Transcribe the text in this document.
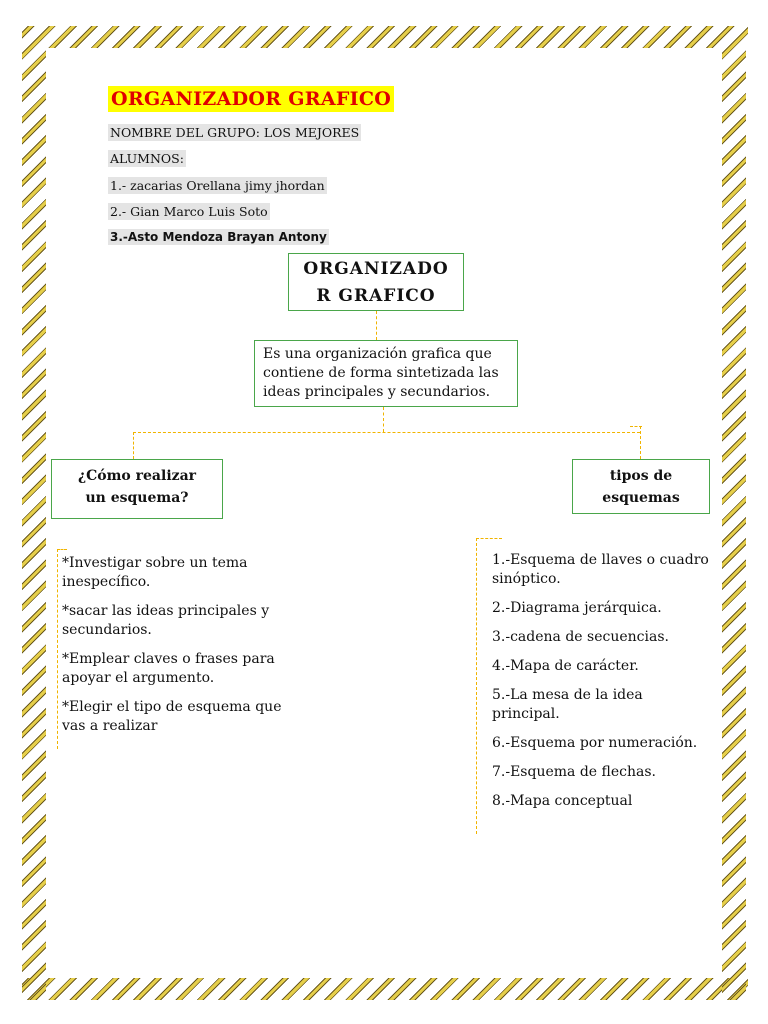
ORGANIZADOR GRAFICO
NOMBRE DEL GRUPO: LOS MEJORES
ALUMNOS:
1.- zacarias Orellana jimy jhordan
2.- Gian Marco Luis Soto
3.-Asto Mendoza Brayan Antony
ORGANIZADO
R GRAFICO
Es una organización grafica que contiene de forma sintetizada las ideas principales y secundarios.
¿Cómo realizar
un esquema?
tipos de
esquemas
*Investigar sobre un tema inespecífico.
*sacar las ideas principales y secundarios.
*Emplear claves o frases para apoyar el argumento.
*Elegir el tipo de esquema que vas a realizar
1.-Esquema de llaves o cuadro sinóptico.
2.-Diagrama jerárquica.
3.-cadena de secuencias.
4.-Mapa de carácter.
5.-La mesa de la idea principal.
6.-Esquema por numeración.
7.-Esquema de flechas.
8.-Mapa conceptual
